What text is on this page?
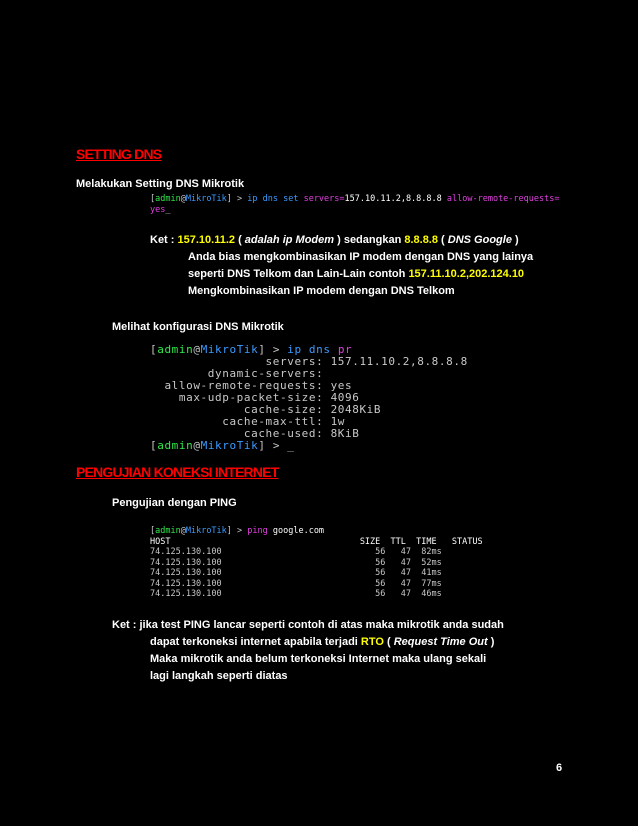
SETTING DNS
Melakukan Setting DNS Mikrotik
[admin@MikroTik] > ip dns set servers=157.10.11.2,8.8.8.8 allow-remote-requests=
yes_
Ket : 157.10.11.2 ( adalah ip Modem ) sedangkan 8.8.8.8 ( DNS Google )
Anda bias mengkombinasikan IP modem dengan DNS yang lainya
seperti DNS Telkom dan Lain-Lain contoh 157.11.10.2,202.124.10
Mengkombinasikan IP modem dengan DNS Telkom
Melihat konfigurasi DNS Mikrotik
[admin@MikroTik] > ip dns pr
servers: 157.11.10.2,8.8.8.8
dynamic-servers:
allow-remote-requests: yes
max-udp-packet-size: 4096
cache-size: 2048KiB
cache-max-ttl: 1w
cache-used: 8KiB
[admin@MikroTik] > _
PENGUJIAN KONEKSI INTERNET
Pengujian dengan PING
[admin@MikroTik] > ping google.com
HOST                                     SIZE  TTL  TIME   STATUS
74.125.130.100                              56   47  82ms
74.125.130.100                              56   47  52ms
74.125.130.100                              56   47  41ms
74.125.130.100                              56   47  77ms
74.125.130.100                              56   47  46ms
Ket : jika test PING lancar seperti contoh di atas maka mikrotik anda sudah
dapat terkoneksi internet apabila terjadi RTO ( Request Time Out )
Maka mikrotik anda belum terkoneksi Internet maka ulang sekali
lagi langkah seperti diatas
6
